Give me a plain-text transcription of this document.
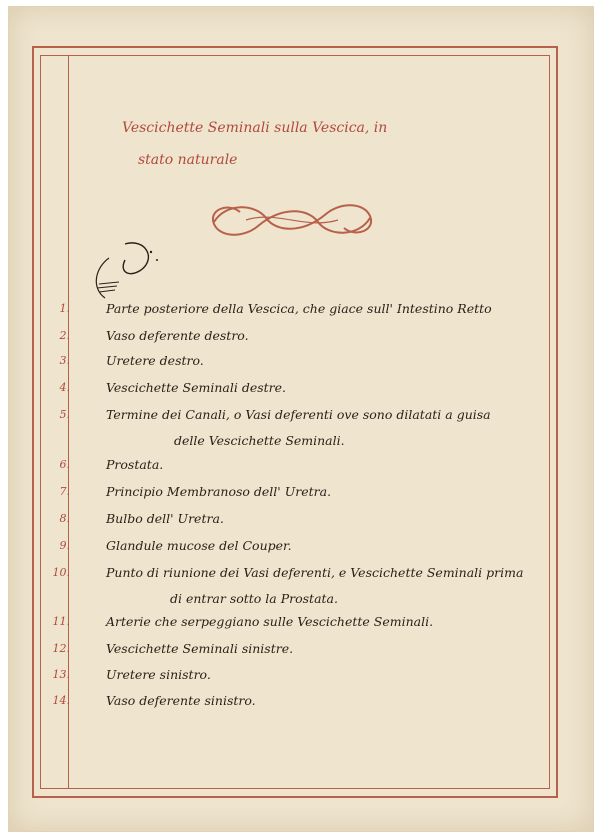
Vescichette Seminali sulla Vescica, in
stato naturale
1.	Parte posteriore della Vescica, che giace sull' Intestino Retto
2.	Vaso deferente destro.
3.	Uretere destro.
4.	Vescichette Seminali destre.
5.	Termine dei Canali, o Vasi deferenti ove sono dilatati a guisa
delle Vescichette Seminali.
6.	Prostata.
7.	Principio Membranoso dell' Uretra.
8.	Bulbo dell' Uretra.
9.	Glandule mucose del Couper.
10.	Punto di riunione dei Vasi deferenti, e Vescichette Seminali prima
di entrar sotto la Prostata.
11.	Arterie che serpeggiano sulle Vescichette Seminali.
12.	Vescichette Seminali sinistre.
13.	Uretere sinistro.
14.	Vaso deferente sinistro.
